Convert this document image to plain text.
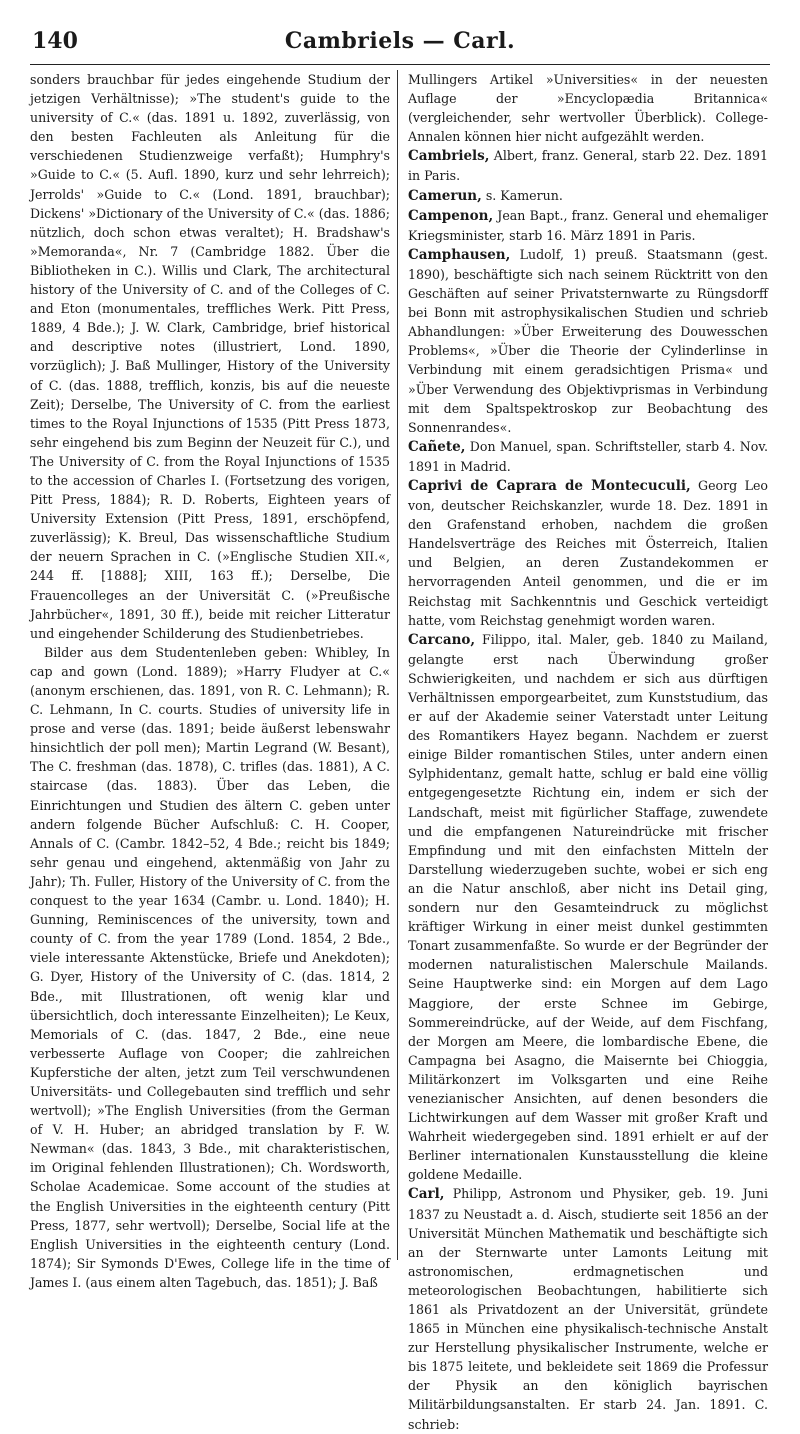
140	Cambriels — Carl.

sonders brauchbar für jedes eingehende Studium der jetzigen Verhältnisse); »The student's guide to the university of C.« (das. 1891 u. 1892, zuverlässig, von den besten Fachleuten als Anleitung für die verschiedenen Studienzweige verfaßt); Humphry's »Guide to C.« (5. Aufl. 1890, kurz und sehr lehrreich); Jerrolds' »Guide to C.« (Lond. 1891, brauchbar); Dickens' »Dictionary of the University of C.« (das. 1886; nützlich, doch schon etwas veraltet); H. Bradshaw's »Memoranda«, Nr. 7 (Cambridge 1882. Über die Bibliotheken in C.). Willis und Clark, The architectural history of the University of C. and of the Colleges of C. and Eton (monumentales, treffliches Werk. Pitt Press, 1889, 4 Bde.); J. W. Clark, Cambridge, brief historical and descriptive notes (illustriert, Lond. 1890, vorzüglich); J. Baß Mullinger, History of the University of C. (das. 1888, trefflich, konzis, bis auf die neueste Zeit); Derselbe, The University of C. from the earliest times to the Royal Injunctions of 1535 (Pitt Press 1873, sehr eingehend bis zum Beginn der Neuzeit für C.), und The University of C. from the Royal Injunctions of 1535 to the accession of Charles I. (Fortsetzung des vorigen, Pitt Press, 1884); R. D. Roberts, Eighteen years of University Extension (Pitt Press, 1891, erschöpfend, zuverlässig); K. Breul, Das wissenschaftliche Studium der neuern Sprachen in C. (»Englische Studien XII.«, 244 ff. [1888]; XIII, 163 ff.); Derselbe, Die Frauencolleges an der Universität C. (»Preußische Jahrbücher«, 1891, 30 ff.), beide mit reicher Litteratur und eingehender Schilderung des Studienbetriebes.

Bilder aus dem Studentenleben geben: Whibley, In cap and gown (Lond. 1889); »Harry Fludyer at C.« (anonym erschienen, das. 1891, von R. C. Lehmann); R. C. Lehmann, In C. courts. Studies of university life in prose and verse (das. 1891; beide äußerst lebenswahr hinsichtlich der poll men); Martin Legrand (W. Besant), The C. freshman (das. 1878), C. trifles (das. 1881), A C. staircase (das. 1883). Über das Leben, die Einrichtungen und Studien des ältern C. geben unter andern folgende Bücher Aufschluß: C. H. Cooper, Annals of C. (Cambr. 1842–52, 4 Bde.; reicht bis 1849; sehr genau und eingehend, aktenmäßig von Jahr zu Jahr); Th. Fuller, History of the University of C. from the conquest to the year 1634 (Cambr. u. Lond. 1840); H. Gunning, Reminiscences of the university, town and county of C. from the year 1789 (Lond. 1854, 2 Bde., viele interessante Aktenstücke, Briefe und Anekdoten); G. Dyer, History of the University of C. (das. 1814, 2 Bde., mit Illustrationen, oft wenig klar und übersichtlich, doch interessante Einzelheiten); Le Keux, Memorials of C. (das. 1847, 2 Bde., eine neue verbesserte Auflage von Cooper; die zahlreichen Kupferstiche der alten, jetzt zum Teil verschwundenen Universitäts- und Collegebauten sind trefflich und sehr wertvoll); »The English Universities (from the German of V. H. Huber; an abridged translation by F. W. Newman« (das. 1843, 3 Bde., mit charakteristischen, im Original fehlenden Illustrationen); Ch. Wordsworth, Scholae Academicae. Some account of the studies at the English Universities in the eighteenth century (Pitt Press, 1877, sehr wertvoll); Derselbe, Social life at the English Universities in the eighteenth century (Lond. 1874); Sir Symonds D'Ewes, College life in the time of James I. (aus einem alten Tagebuch, das. 1851); J. Baß

Mullingers Artikel »Universities« in der neuesten Auflage der »Encyclopædia Britannica« (vergleichender, sehr wertvoller Überblick). College-Annalen können hier nicht aufgezählt werden.

Cambriels, Albert, franz. General, starb 22. Dez. 1891 in Paris.

Camerun, s. Kamerun.

Campenon, Jean Bapt., franz. General und ehemaliger Kriegsminister, starb 16. März 1891 in Paris.

Camphausen, Ludolf, 1) preuß. Staatsmann (gest. 1890), beschäftigte sich nach seinem Rücktritt von den Geschäften auf seiner Privatsternwarte zu Rüngsdorff bei Bonn mit astrophysikalischen Studien und schrieb Abhandlungen: »Über Erweiterung des Douwesschen Problems«, »Über die Theorie der Cylinderlinse in Verbindung mit einem geradsichtigen Prisma« und »Über Verwendung des Objektivprismas in Verbindung mit dem Spaltspektroskop zur Beobachtung des Sonnenrandes«.

Cañete, Don Manuel, span. Schriftsteller, starb 4. Nov. 1891 in Madrid.

Caprivi de Caprara de Montecuculi, Georg Leo von, deutscher Reichskanzler, wurde 18. Dez. 1891 in den Grafenstand erhoben, nachdem die großen Handelsverträge des Reiches mit Österreich, Italien und Belgien, an deren Zustandekommen er hervorragenden Anteil genommen, und die er im Reichstag mit Sachkenntnis und Geschick verteidigt hatte, vom Reichstag genehmigt worden waren.

Carcano, Filippo, ital. Maler, geb. 1840 zu Mailand, gelangte erst nach Überwindung großer Schwierigkeiten, und nachdem er sich aus dürftigen Verhältnissen emporgearbeitet, zum Kunststudium, das er auf der Akademie seiner Vaterstadt unter Leitung des Romantikers Hayez begann. Nachdem er zuerst einige Bilder romantischen Stiles, unter andern einen Sylphidentanz, gemalt hatte, schlug er bald eine völlig entgegengesetzte Richtung ein, indem er sich der Landschaft, meist mit figürlicher Staffage, zuwendete und die empfangenen Natureindrücke mit frischer Empfindung und mit den einfachsten Mitteln der Darstellung wiederzugeben suchte, wobei er sich eng an die Natur anschloß, aber nicht ins Detail ging, sondern nur den Gesamteindruck zu möglichst kräftiger Wirkung in einer meist dunkel gestimmten Tonart zusammenfaßte. So wurde er der Begründer der modernen naturalistischen Malerschule Mailands. Seine Hauptwerke sind: ein Morgen auf dem Lago Maggiore, der erste Schnee im Gebirge, Sommereindrücke, auf der Weide, auf dem Fischfang, der Morgen am Meere, die lombardische Ebene, die Campagna bei Asagno, die Maisernte bei Chioggia, Militärkonzert im Volksgarten und eine Reihe venezianischer Ansichten, auf denen besonders die Lichtwirkungen auf dem Wasser mit großer Kraft und Wahrheit wiedergegeben sind. 1891 erhielt er auf der Berliner internationalen Kunstausstellung die kleine goldene Medaille.

Carl, Philipp, Astronom und Physiker, geb. 19. Juni 1837 zu Neustadt a. d. Aisch, studierte seit 1856 an der Universität München Mathematik und beschäftigte sich an der Sternwarte unter Lamonts Leitung mit astronomischen, erdmagnetischen und meteorologischen Beobachtungen, habilitierte sich 1861 als Privatdozent an der Universität, gründete 1865 in München eine physikalisch-technische Anstalt zur Herstellung physikalischer Instrumente, welche er bis 1875 leitete, und bekleidete seit 1869 die Professur der Physik an den königlich bayrischen Militärbildungsanstalten. Er starb 24. Jan. 1891. C. schrieb:
